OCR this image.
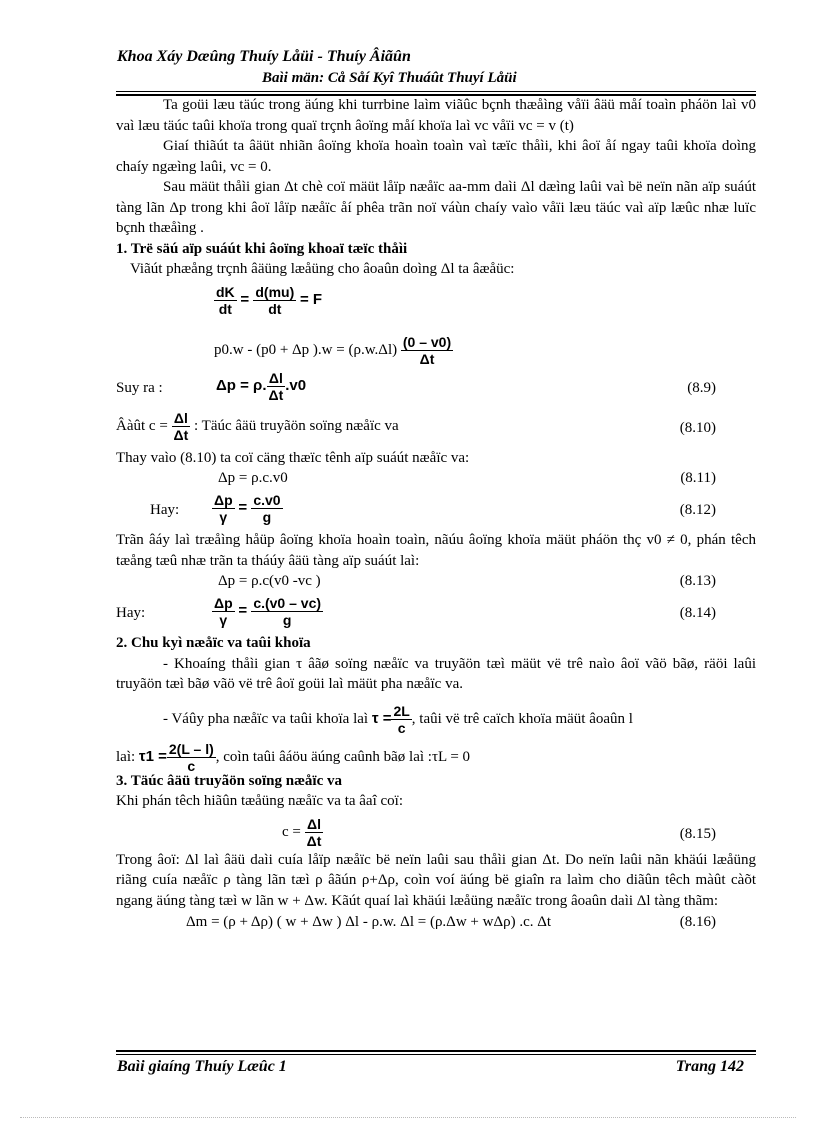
Khoa Xáy Dæûng Thuíy Låüi - Thuíy Âiãûn
Baìi män: Cå Såí Kyî Thuáût Thuyí Låüi

Ta goüi læu täúc trong äúng khi turrbine laìm viãûc bçnh thæåìng våïi âäü måí toaìn pháön laì v0 vaì læu täúc taûi khoïa trong quaï trçnh âoïng måí khoïa laì vc våïi vc = v (t)

Giaí thiãút ta âäüt nhiãn âoïng khoïa hoaìn toaìn vaì tæïc thåìi, khi âoï åí ngay taûi khoïa doìng chaíy ngæìng laûi, vc = 0.

Sau mäüt thåìi gian Δt chè coï mäüt låïp næåïc aa-mm daìi Δl dæìng laûi vaì bë neïn nãn aïp suáút tàng lãn Δp trong khi âoï låïp næåïc åí phêa trãn noï váùn chaíy vaìo våïi læu täúc vaì aïp læûc nhæ luïc bçnh thæåìng .

1. Trë säú aïp suáút khi âoïng khoaï tæïc thåìi

Viãút phæång trçnh âäüng læåüng cho âoaûn doìng Δl ta âæåüc:

$\frac{dK}{dt} = \frac{d(mu)}{dt} = F$
p0.w - (p0 + Δp )$.w = (\rho.w.\Delta l) \frac{(0 - v0)}{\Delta t}$
Suy ra :	Δp = ρ. $\frac{\Delta l}{\Delta t} .v0$	(8.9)
Âàût $c = \frac{\Delta l}{\Delta t}$ : Täúc âäü truyãön soïng næåïc va	(8.10)

Thay vaìo (8.10) ta coï cäng thæïc tênh aïp suáút næåïc va:

Δp = ρ.c.v0	(8.11)
Hay: $\frac{\Delta p}{\gamma} = \frac{c.v0}{g}$	(8.12)

Trãn âáy laì træåìng håüp âoïng khoïa hoaìn toaìn, nãúu âoïng khoïa mäüt pháön thç v0 ≠ 0, phán têch tæång tæû nhæ trãn ta tháúy âäü tàng aïp suáút laì:

Δp = ρ.c(v0 -vc )	(8.13)
Hay:	$\frac{\Delta p}{\gamma} = \frac{c.(v0 - vc)}{g}$	(8.14)

2. Chu kyì næåïc va taûi khoïa

- Khoaíng thåìi gian τ âãø soïng næåïc va truyãön tæì mäüt vë trê naìo âoï vãö bãø, räöi laûi truyãön tæì bãø vãö vë trê âoï goüi laì mäüt pha næåïc va.

- Váûy pha næåïc va taûi khoïa laì $\tau = \frac{2L}{c}$ , taûi vë trê caïch khoïa mäüt âoaûn l
laì: $\tau 1 = \frac{2(L - l)}{c}$ , coìn taûi âáöu äúng caûnh bãø laì :τL = 0

3. Täúc âäü truyãön soïng næåïc va

Khi phán têch hiãûn tæåüng næåïc va ta âaî coï:

$c = \frac{\Delta l}{\Delta t}$	(8.15)

Trong âoï: Δl laì âäü daìi cuía låïp næåïc bë neïn laûi sau thåìi gian Δt. Do neïn laûi nãn khäúi læåüng riãng cuía næåïc ρ tàng lãn tæì ρ âãún ρ+Δρ, coìn voí äúng bë giaîn ra laìm cho diãûn têch màût càõt ngang äúng tàng tæì w lãn w + Δw. Kãút quaí laì khäúi læåüng næåïc trong âoaûn daìi Δl tàng thãm:

Δm = (ρ + Δρ) ( w + Δw ) Δl - ρ.w. Δl = (ρ.Δw + wΔρ) .c. Δt	(8.16)
Baìi giaíng Thuíy Læûc 1	Trang 142
